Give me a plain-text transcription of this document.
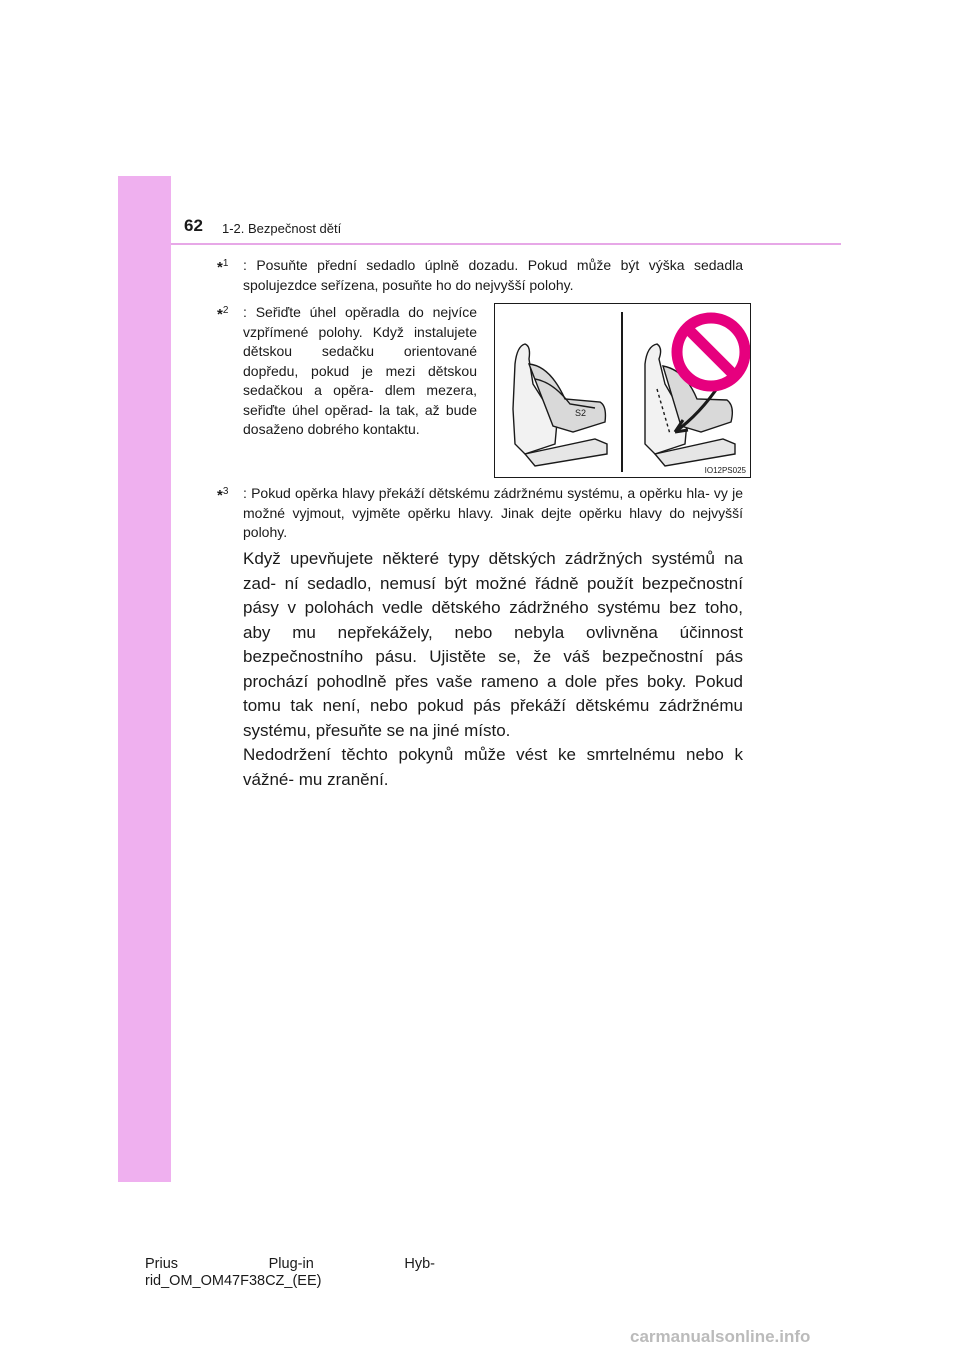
62 1-2. Bezpečnost dětí
*$^1$ : Posuňte přední sedadlo úplně dozadu. Pokud může být výška sedadla spolujezdce seřízena, posuňte ho do nejvyšší polohy.
*$^2$ : Seřiďte úhel opěradla do nejvíce vzpřímené polohy. Když instalujete dětskou sedačku orientované dopředu, pokud je mezi dětskou sedačkou a opěra- dlem mezera, seřiďte úhel opěrad- la tak, až bude dosaženo dobrého kontaktu.
S2
IO12PS025
*$^3$ : Pokud opěrka hlavy překáží dětskému zádržnému systému, a opěrku hla- vy je možné vyjmout, vyjměte opěrku hlavy. Jinak dejte opěrku hlavy do nejvyšší polohy.

Když upevňujete některé typy dětských zádržných systémů na zad- ní sedadlo, nemusí být možné řádně použít bezpečnostní pásy v polohách vedle dětského zádržného systému bez toho, aby mu nepřekážely, nebo nebyla ovlivněna účinnost bezpečnostního pásu. Ujistěte se, že váš bezpečnostní pás prochází pohodlně přes vaše rameno a dole přes boky. Pokud tomu tak není, nebo pokud pás překáží dětskému zádržnému systému, přesuňte se na jiné místo.

Nedodržení těchto pokynů může vést ke smrtelnému nebo k vážné- mu zranění.

Prius	Plug-in	Hyb-
rid_OM_OM47F38CZ_(EE)
carmanualsonline.info
